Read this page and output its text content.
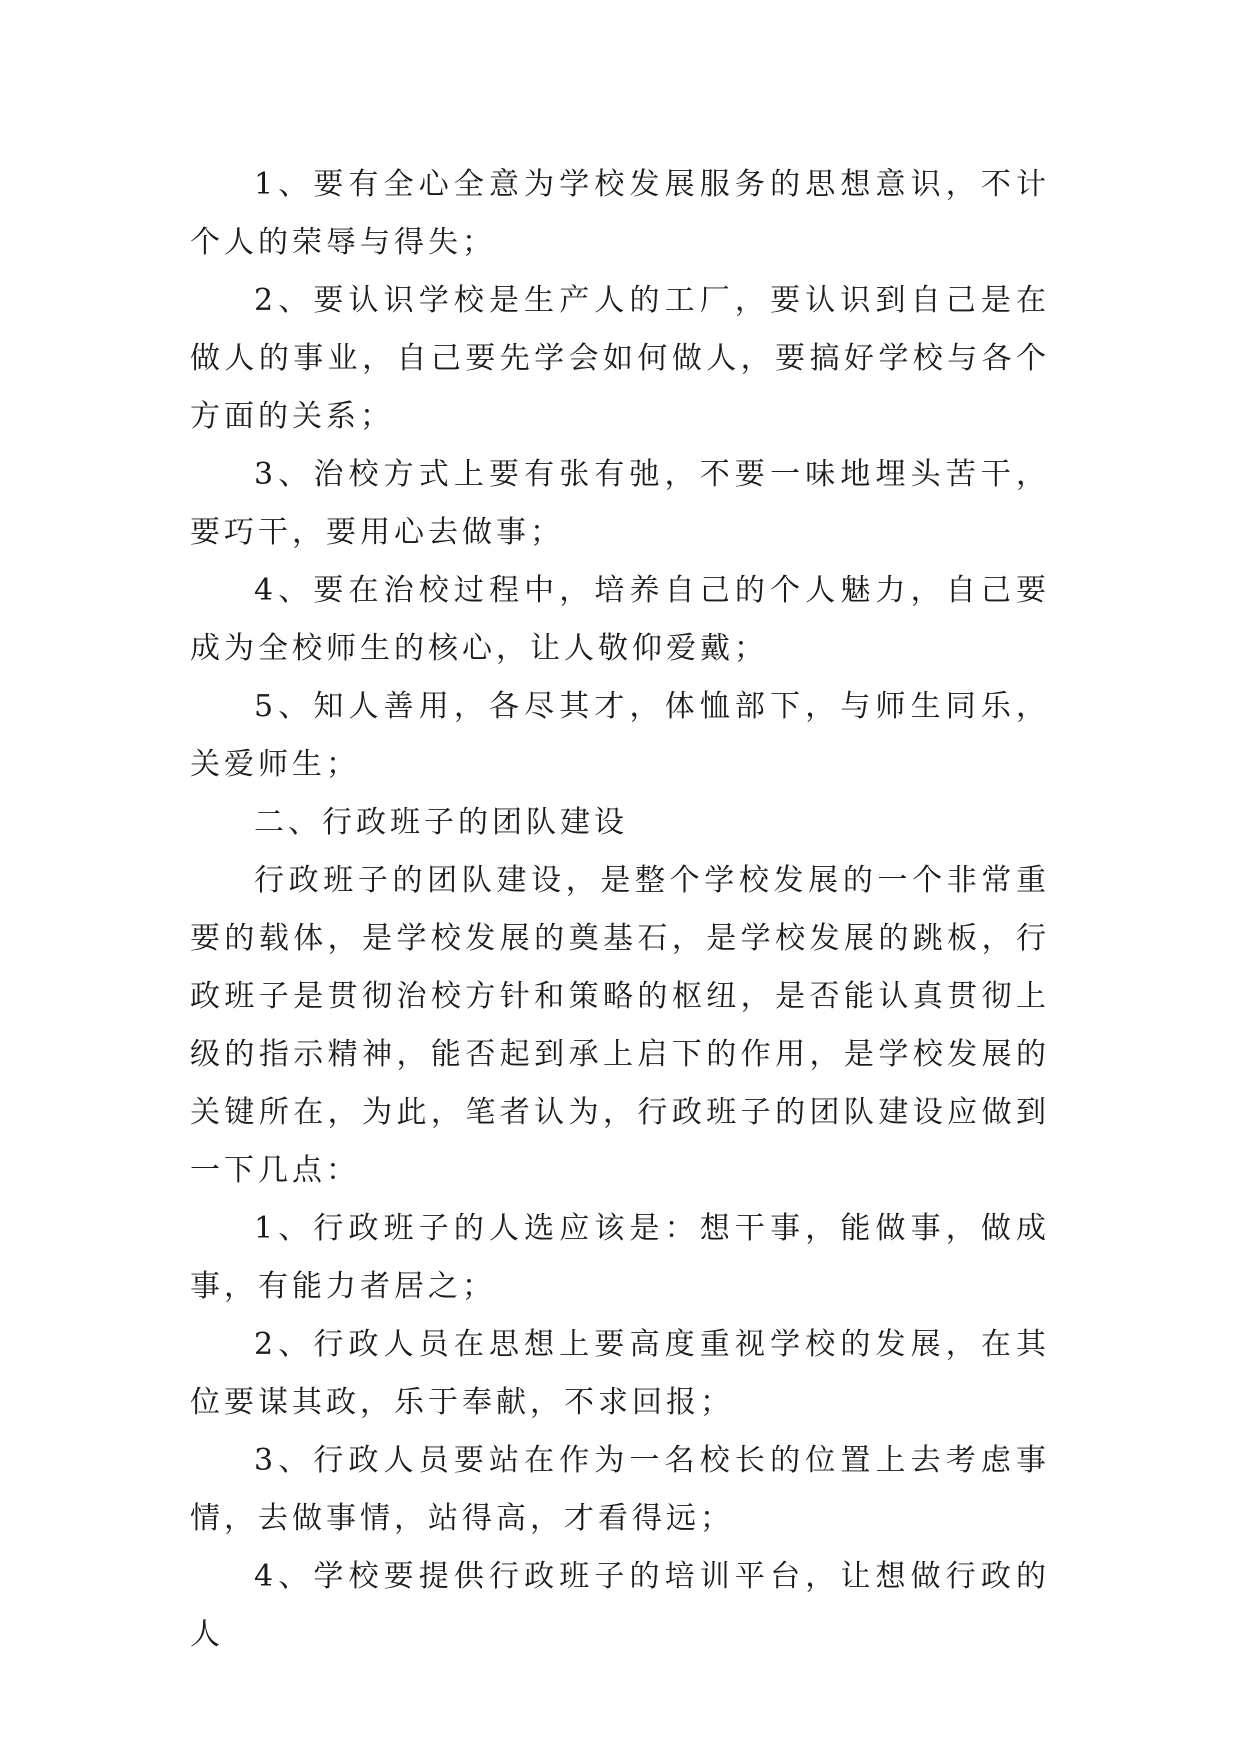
1、要有全心全意为学校发展服务的思想意识，不计个人的荣辱与得失；

2、要认识学校是生产人的工厂，要认识到自己是在做人的事业，自己要先学会如何做人，要搞好学校与各个方面的关系；

3、治校方式上要有张有弛，不要一味地埋头苦干，要巧干，要用心去做事；

4、要在治校过程中，培养自己的个人魅力，自己要成为全校师生的核心，让人敬仰爱戴；

5、知人善用，各尽其才，体恤部下，与师生同乐，关爱师生；

二、行政班子的团队建设

行政班子的团队建设，是整个学校发展的一个非常重要的载体，是学校发展的奠基石，是学校发展的跳板，行政班子是贯彻治校方针和策略的枢纽，是否能认真贯彻上级的指示精神，能否起到承上启下的作用，是学校发展的关键所在，为此，笔者认为，行政班子的团队建设应做到一下几点：

1、行政班子的人选应该是：想干事，能做事，做成事，有能力者居之；

2、行政人员在思想上要高度重视学校的发展，在其位要谋其政，乐于奉献，不求回报；

3、行政人员要站在作为一名校长的位置上去考虑事情，去做事情，站得高，才看得远；

4、学校要提供行政班子的培训平台，让想做行政的人
